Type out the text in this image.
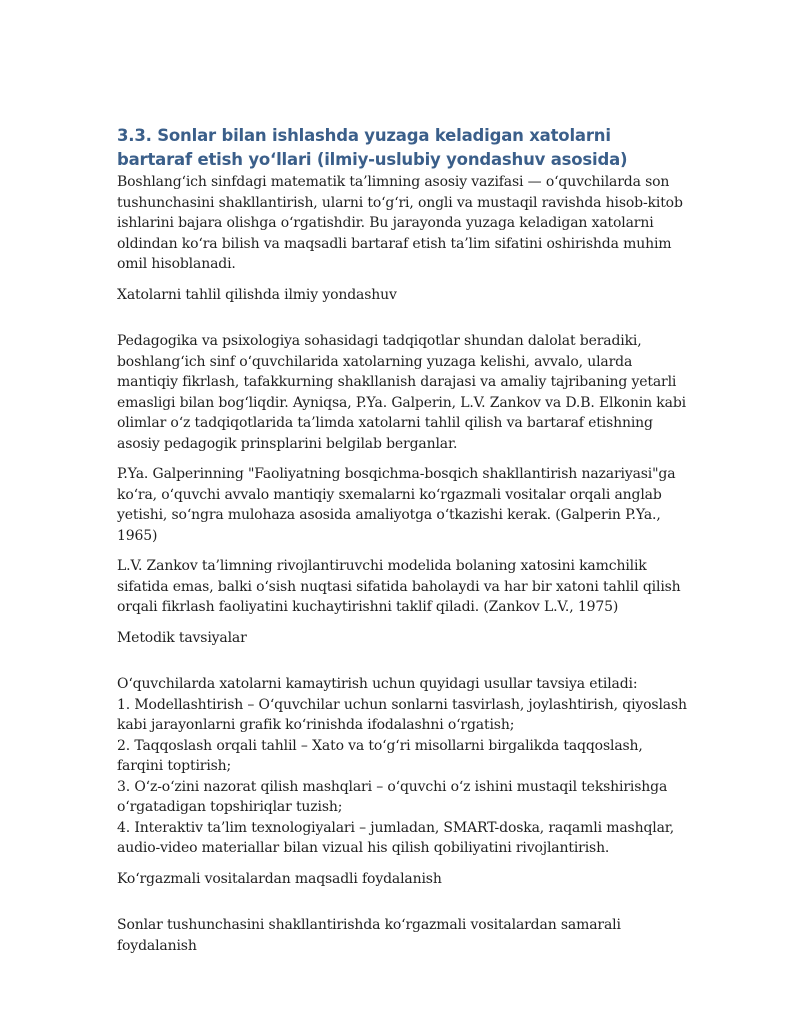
3.3. Sonlar bilan ishlashda yuzaga keladigan xatolarni bartaraf etish yo‘llari (ilmiy-uslubiy yondashuv asosida)

Boshlang‘ich sinfdagi matematik ta’limning asosiy vazifasi — o‘quvchilarda son tushunchasini shakllantirish, ularni to‘g‘ri, ongli va mustaqil ravishda hisob-kitob ishlarini bajara olishga o‘rgatishdir. Bu jarayonda yuzaga keladigan xatolarni oldindan ko‘ra bilish va maqsadli bartaraf etish ta’lim sifatini oshirishda muhim omil hisoblanadi.

Xatolarni tahlil qilishda ilmiy yondashuv

Pedagogika va psixologiya sohasidagi tadqiqotlar shundan dalolat beradiki, boshlang‘ich sinf o‘quvchilarida xatolarning yuzaga kelishi, avvalo, ularda mantiqiy fikrlash, tafakkurning shakllanish darajasi va amaliy tajribaning yetarli emasligi bilan bog‘liqdir. Ayniqsa, P.Ya. Galperin, L.V. Zankov va D.B. Elkonin kabi olimlar o‘z tadqiqotlarida ta’limda xatolarni tahlil qilish va bartaraf etishning asosiy pedagogik prinsplarini belgilab berganlar.

P.Ya. Galperinning "Faoliyatning bosqichma-bosqich shakllantirish nazariyasi"ga ko‘ra, o‘quvchi avvalo mantiqiy sxemalarni ko‘rgazmali vositalar orqali anglab yetishi, so‘ngra mulohaza asosida amaliyotga o‘tkazishi kerak. (Galperin P.Ya., 1965)

L.V. Zankov ta’limning rivojlantiruvchi modelida bolaning xatosini kamchilik sifatida emas, balki o‘sish nuqtasi sifatida baholaydi va har bir xatoni tahlil qilish orqali fikrlash faoliyatini kuchaytirishni taklif qiladi. (Zankov L.V., 1975)

Metodik tavsiyalar

O‘quvchilarda xatolarni kamaytirish uchun quyidagi usullar tavsiya etiladi:

1. Modellashtirish – O‘quvchilar uchun sonlarni tasvirlash, joylashtirish, qiyoslash kabi jarayonlarni grafik ko‘rinishda ifodalashni o‘rgatish;

2. Taqqoslash orqali tahlil – Xato va to‘g‘ri misollarni birgalikda taqqoslash, farqini toptirish;

3. O‘z-o‘zini nazorat qilish mashqlari – o‘quvchi o‘z ishini mustaqil tekshirishga o‘rgatadigan topshiriqlar tuzish;

4. Interaktiv ta’lim texnologiyalari – jumladan, SMART-doska, raqamli mashqlar, audio-video materiallar bilan vizual his qilish qobiliyatini rivojlantirish.

Ko‘rgazmali vositalardan maqsadli foydalanish

Sonlar tushunchasini shakllantirishda ko‘rgazmali vositalardan samarali foydalanish
